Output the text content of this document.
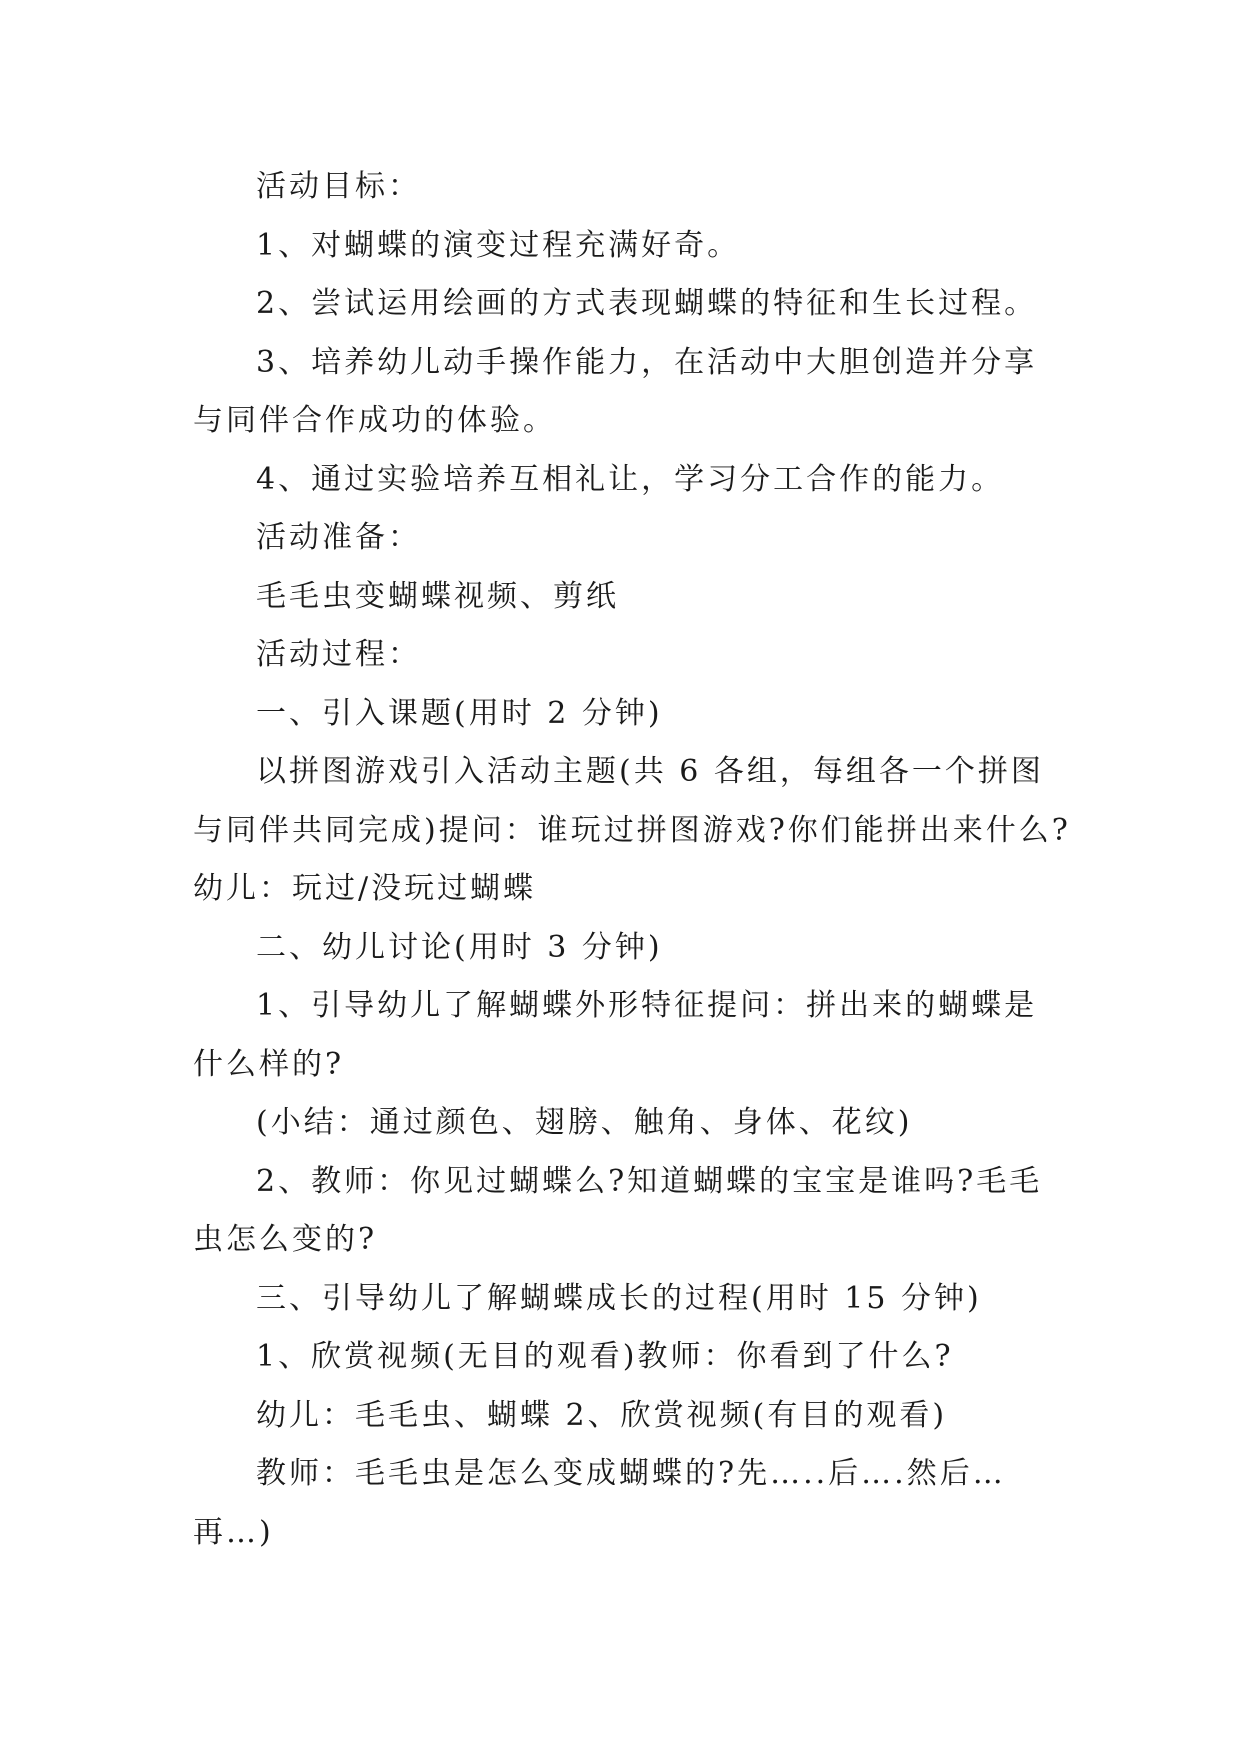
活动目标：

1、对蝴蝶的演变过程充满好奇。

2、尝试运用绘画的方式表现蝴蝶的特征和生长过程。

3、培养幼儿动手操作能力，在活动中大胆创造并分享

与同伴合作成功的体验。

4、通过实验培养互相礼让，学习分工合作的能力。

活动准备：

毛毛虫变蝴蝶视频、剪纸

活动过程：

一、引入课题(用时 2 分钟)

以拼图游戏引入活动主题(共 6 各组，每组各一个拼图

与同伴共同完成)提问：谁玩过拼图游戏?你们能拼出来什么?

幼儿：玩过/没玩过蝴蝶

二、幼儿讨论(用时 3 分钟)

1、引导幼儿了解蝴蝶外形特征提问：拼出来的蝴蝶是

什么样的?

(小结：通过颜色、翅膀、触角、身体、花纹)

2、教师：你见过蝴蝶么?知道蝴蝶的宝宝是谁吗?毛毛

虫怎么变的?

三、引导幼儿了解蝴蝶成长的过程(用时 15 分钟)

1、欣赏视频(无目的观看)教师：你看到了什么?

幼儿：毛毛虫、蝴蝶 2、欣赏视频(有目的观看)

教师：毛毛虫是怎么变成蝴蝶的?先…..后….然后…

再…)
